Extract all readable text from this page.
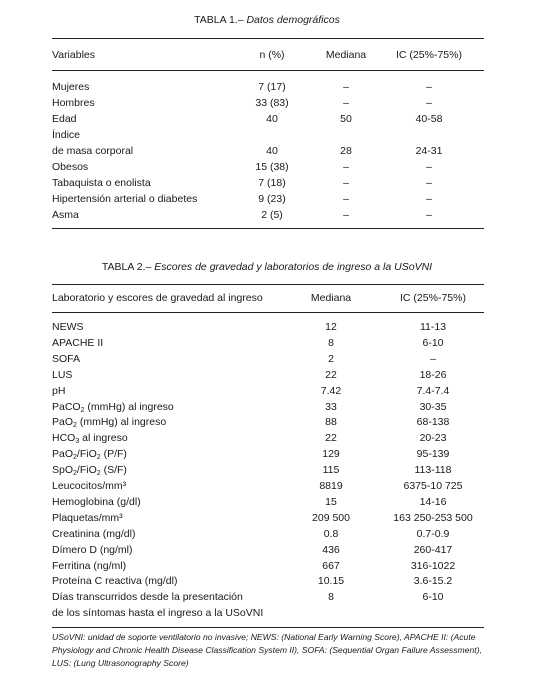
TABLA 1.– Datos demográficos
Variables	n (%)	Mediana	IC (25%-75%)
Mujeres	7 (17)	–	–
Hombres	33 (83)	–	–
Edad	40	50	40-58
Índice
de masa corporal	40	28	24-31
Obesos	15 (38)	–	–
Tabaquista o enolista	7 (18)	–	–
Hipertensión arterial o diabetes	9 (23)	–	–
Asma	2 (5)	–	–
TABLA 2.– Escores de gravedad y laboratorios de ingreso a la USoVNI
Laboratorio y escores de gravedad al ingreso	Mediana	IC (25%-75%)
NEWS	12	11-13
APACHE II	8	6-10
SOFA	2	–
LUS	22	18-26
pH	7.42	7.4-7.4
PaCO$_2$ (mmHg) al ingreso	33	30-35
PaO$_2$ (mmHg) al ingreso	88	68-138
$HCO_3$ al ingreso	22	20-23
PaO$_2$/FiO$_2$ (P/F)	129	95-139
SpO$_2$/FiO$_2$ (S/F)	115	113-118
Leucocitos/mm³	8819	6375-10 725
Hemoglobina (g/dl)	15	14-16
Plaquetas/mm³	209 500	163 250-253 500
Creatinina (mg/dl)	0.8	0.7-0.9
Dímero D (ng/ml)	436	260-417
Ferritina (ng/ml)	667	316-1022
Proteína C reactiva (mg/dl)	10.15	3.6-15.2
Días transcurridos desde la presentación	8	6-10
de los síntomas hasta el ingreso a la USoVNI
USoVNI: unidad de soporte ventilatorio no invasive; NEWS: (National Early Warning Score), APACHE II: (Acute Physiology and Chronic Health Disease Classification System II), SOFA: (Sequential Organ Failure Assessment), LUS: (Lung Ultrasonography Score)
